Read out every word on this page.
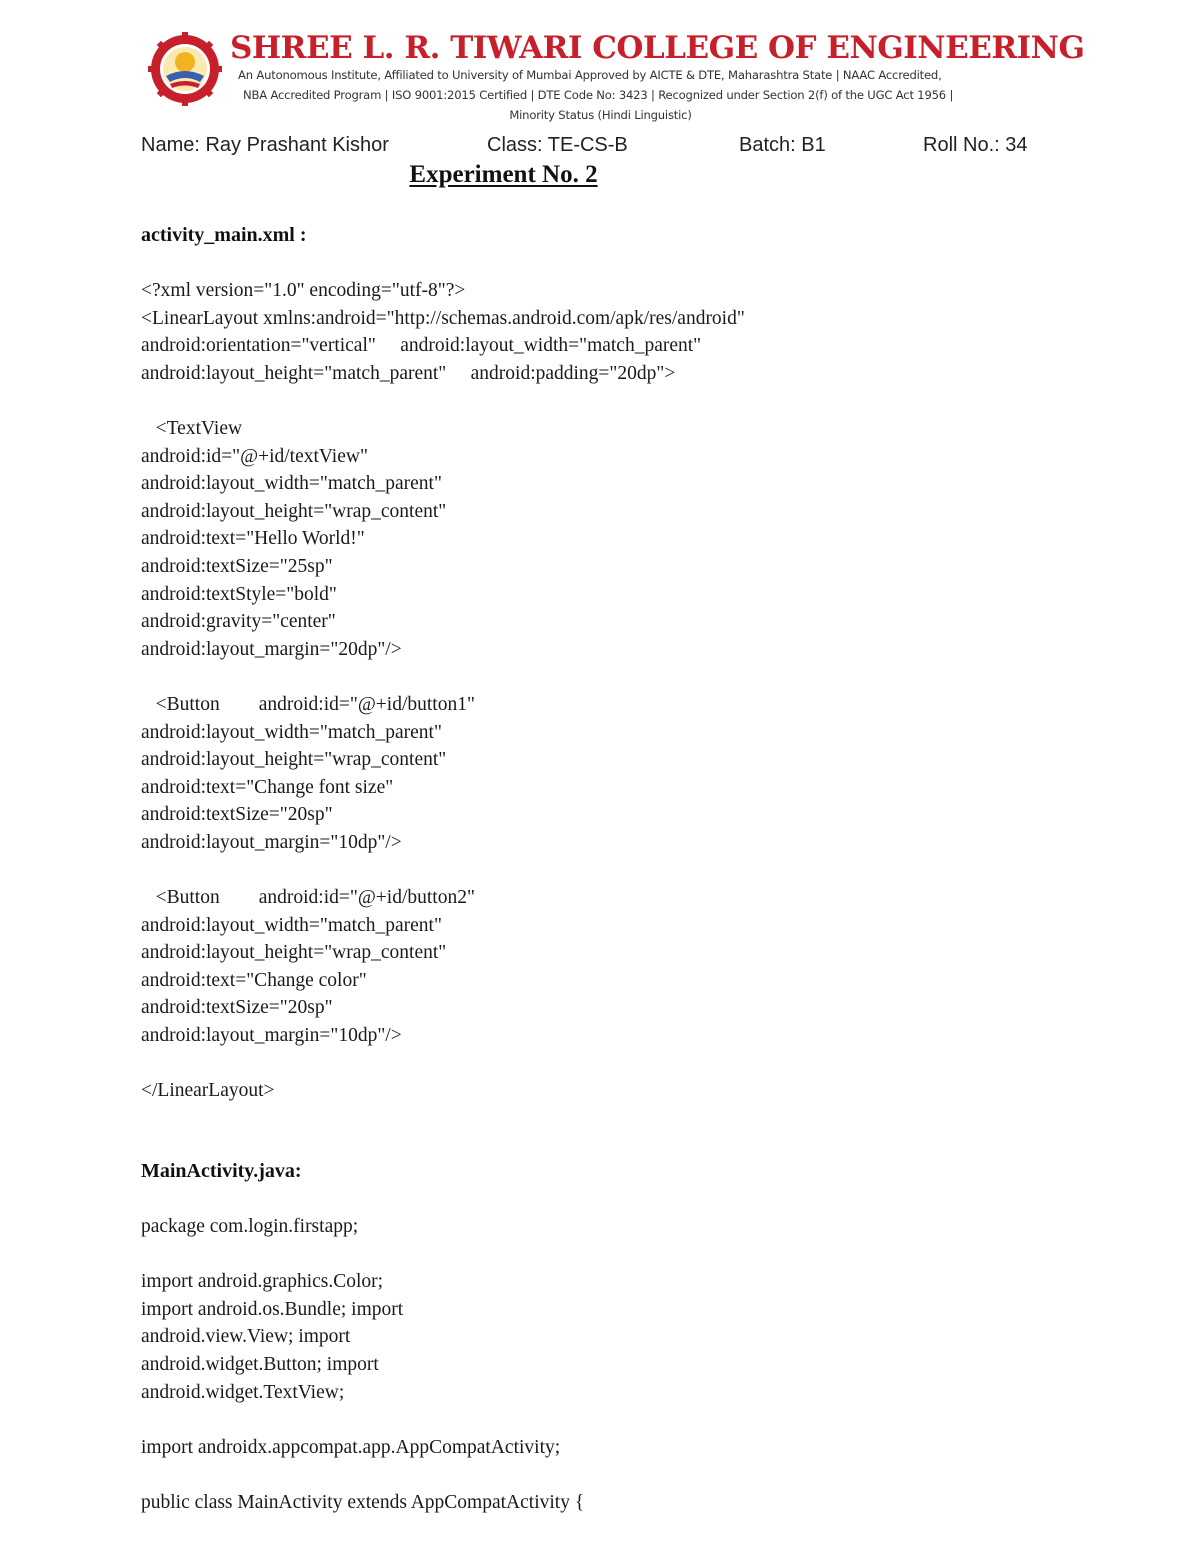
SHREE L. R. TIWARI COLLEGE OF ENGINEERING
An Autonomous Institute, Affiliated to University of Mumbai Approved by AICTE & DTE, Maharashtra State | NAAC Accredited,
NBA Accredited Program | ISO 9001:2015 Certified | DTE Code No: 3423 | Recognized under Section 2(f) of the UGC Act 1956 |
Minority Status (Hindi Linguistic)
Name: Ray Prashant Kishor	Class: TE-CS-B	Batch: B1	Roll No.: 34
Experiment No. 2
activity_main.xml :
<?xml version="1.0" encoding="utf-8"?>
<LinearLayout xmlns:android="http://schemas.android.com/apk/res/android"
android:orientation="vertical"     android:layout_width="match_parent"
android:layout_height="match_parent"     android:padding="20dp">
<TextView
android:id="@+id/textView"
android:layout_width="match_parent"
android:layout_height="wrap_content"
android:text="Hello World!"
android:textSize="25sp"
android:textStyle="bold"
android:gravity="center"
android:layout_margin="20dp"/>
<Button        android:id="@+id/button1"
android:layout_width="match_parent"
android:layout_height="wrap_content"
android:text="Change font size"
android:textSize="20sp"
android:layout_margin="10dp"/>
<Button        android:id="@+id/button2"
android:layout_width="match_parent"
android:layout_height="wrap_content"
android:text="Change color"
android:textSize="20sp"
android:layout_margin="10dp"/>
</LinearLayout>
MainActivity.java:
package com.login.firstapp;
import android.graphics.Color;
import android.os.Bundle; import
android.view.View; import
android.widget.Button; import
android.widget.TextView;
import androidx.appcompat.app.AppCompatActivity;
public class MainActivity extends AppCompatActivity {
